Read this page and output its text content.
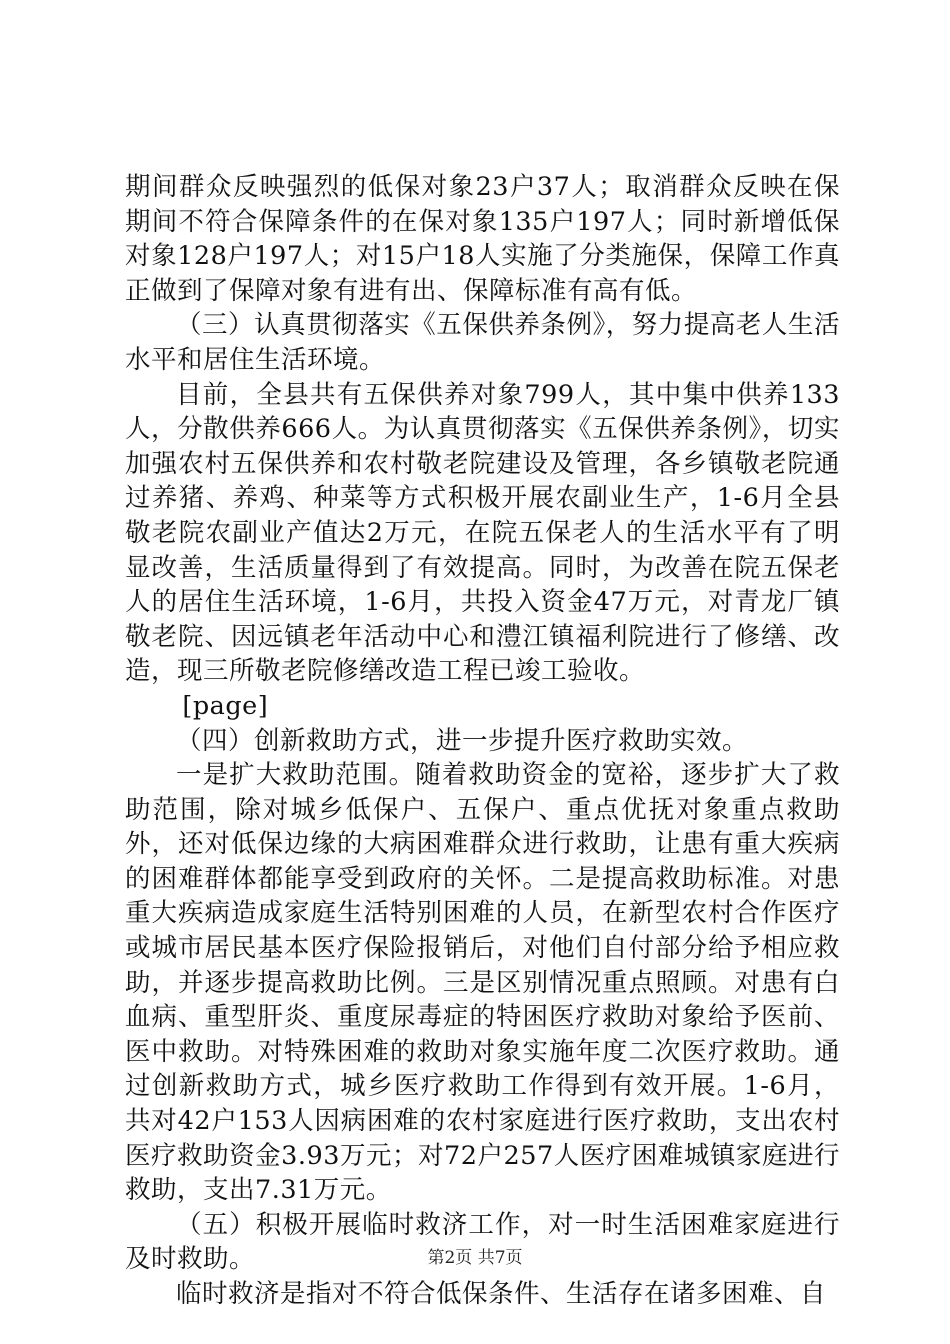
期间群众反映强烈的低保对象23户37人；取消群众反映在保期间不符合保障条件的在保对象135户197人；同时新增低保对象128户197人；对15户18人实施了分类施保，保障工作真正做到了保障对象有进有出、保障标准有高有低。

（三）认真贯彻落实《五保供养条例》，努力提高老人生活水平和居住生活环境。

目前，全县共有五保供养对象799人，其中集中供养133人，分散供养666人。为认真贯彻落实《五保供养条例》，切实加强农村五保供养和农村敬老院建设及管理，各乡镇敬老院通过养猪、养鸡、种菜等方式积极开展农副业生产，1-6月全县敬老院农副业产值达2万元，在院五保老人的生活水平有了明显改善，生活质量得到了有效提高。同时，为改善在院五保老人的居住生活环境，1-6月，共投入资金47万元，对青龙厂镇敬老院、因远镇老年活动中心和澧江镇福利院进行了修缮、改造，现三所敬老院修缮改造工程已竣工验收。

[page]

（四）创新救助方式，进一步提升医疗救助实效。

一是扩大救助范围。随着救助资金的宽裕，逐步扩大了救助范围，除对城乡低保户、五保户、重点优抚对象重点救助外，还对低保边缘的大病困难群众进行救助，让患有重大疾病的困难群体都能享受到政府的关怀。二是提高救助标准。对患重大疾病造成家庭生活特别困难的人员，在新型农村合作医疗或城市居民基本医疗保险报销后，对他们自付部分给予相应救助，并逐步提高救助比例。三是区别情况重点照顾。对患有白血病、重型肝炎、重度尿毒症的特困医疗救助对象给予医前、医中救助。对特殊困难的救助对象实施年度二次医疗救助。通过创新救助方式，城乡医疗救助工作得到有效开展。1-6月，共对42户153人因病困难的农村家庭进行医疗救助，支出农村医疗救助资金3.93万元；对72户257人医疗困难城镇家庭进行救助，支出7.31万元。

（五）积极开展临时救济工作，对一时生活困难家庭进行及时救助。

临时救济是指对不符合低保条件、生活存在诸多困难、自

第2页 共7页
